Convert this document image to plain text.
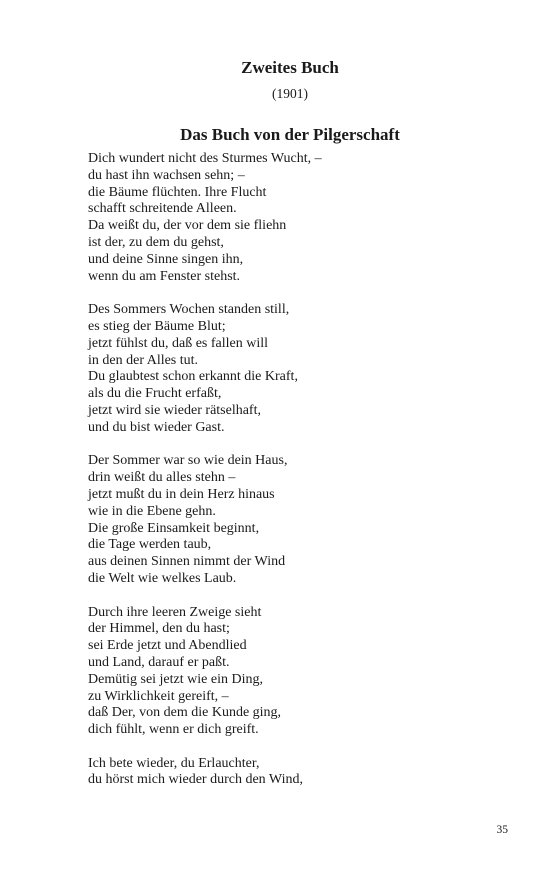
Zweites Buch
(1901)
Das Buch von der Pilgerschaft
Dich wundert nicht des Sturmes Wucht, –
du hast ihn wachsen sehn; –
die Bäume flüchten. Ihre Flucht
schafft schreitende Alleen.
Da weißt du, der vor dem sie fliehn
ist der, zu dem du gehst,
und deine Sinne singen ihn,
wenn du am Fenster stehst.
Des Sommers Wochen standen still,
es stieg der Bäume Blut;
jetzt fühlst du, daß es fallen will
in den der Alles tut.
Du glaubtest schon erkannt die Kraft,
als du die Frucht erfaßt,
jetzt wird sie wieder rätselhaft,
und du bist wieder Gast.
Der Sommer war so wie dein Haus,
drin weißt du alles stehn –
jetzt mußt du in dein Herz hinaus
wie in die Ebene gehn.
Die große Einsamkeit beginnt,
die Tage werden taub,
aus deinen Sinnen nimmt der Wind
die Welt wie welkes Laub.
Durch ihre leeren Zweige sieht
der Himmel, den du hast;
sei Erde jetzt und Abendlied
und Land, darauf er paßt.
Demütig sei jetzt wie ein Ding,
zu Wirklichkeit gereift, –
daß Der, von dem die Kunde ging,
dich fühlt, wenn er dich greift.
Ich bete wieder, du Erlauchter,
du hörst mich wieder durch den Wind,
35
